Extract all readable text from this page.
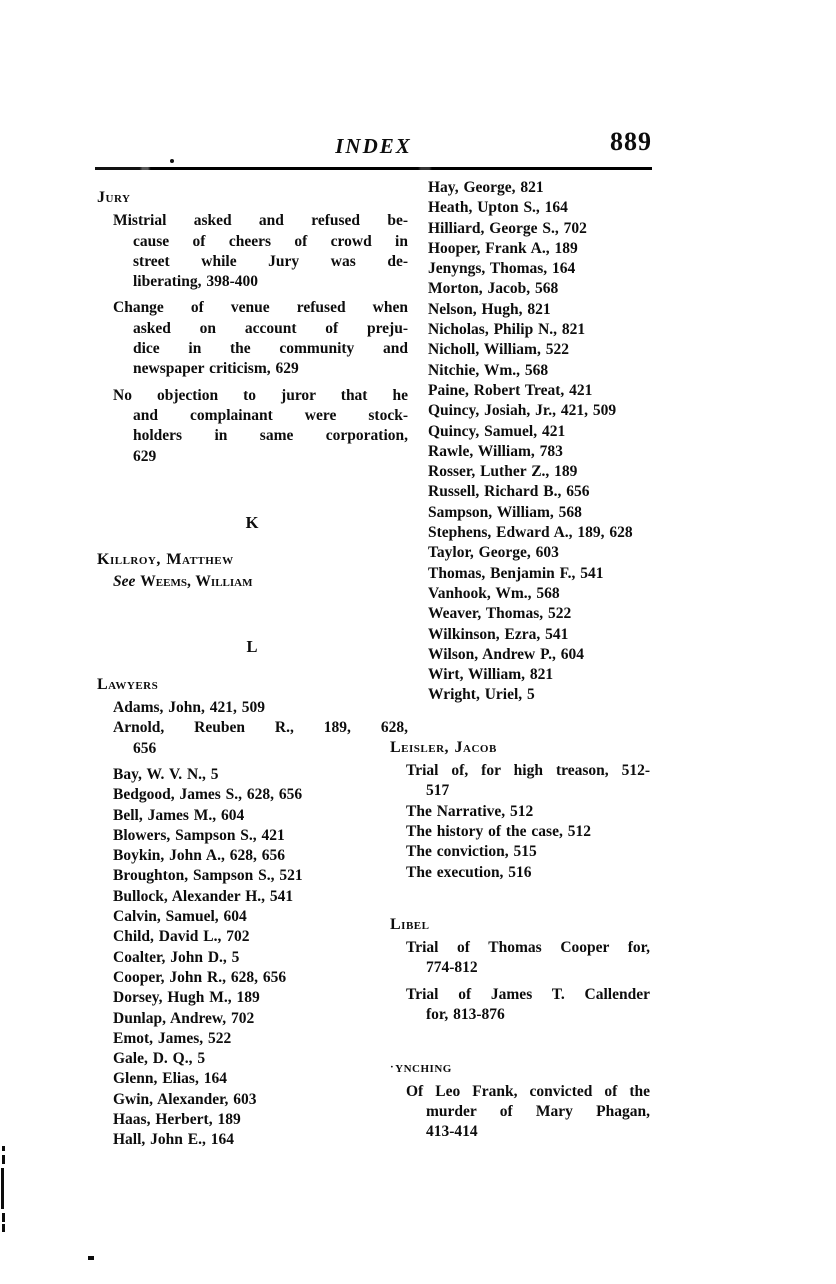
INDEX	889
Jury
Mistrial asked and refused be-
cause of cheers of crowd in
street while Jury was de-
liberating, 398-400
Change of venue refused when
asked on account of preju-
dice in the community and
newspaper criticism, 629
No objection to juror that he
and complainant were stock-
holders in same corporation,
629
K
Killroy, Matthew
See Weems, William
L
Lawyers
Adams, John, 421, 509
Arnold, Reuben R., 189, 628,
656
Bay, W. V. N., 5
Bedgood, James S., 628, 656
Bell, James M., 604
Blowers, Sampson S., 421
Boykin, John A., 628, 656
Broughton, Sampson S., 521
Bullock, Alexander H., 541
Calvin, Samuel, 604
Child, David L., 702
Coalter, John D., 5
Cooper, John R., 628, 656
Dorsey, Hugh M., 189
Dunlap, Andrew, 702
Emot, James, 522
Gale, D. Q., 5
Glenn, Elias, 164
Gwin, Alexander, 603
Haas, Herbert, 189
Hall, John E., 164
Hay, George, 821
Heath, Upton S., 164
Hilliard, George S., 702
Hooper, Frank A., 189
Jenyngs, Thomas, 164
Morton, Jacob, 568
Nelson, Hugh, 821
Nicholas, Philip N., 821
Nicholl, William, 522
Nitchie, Wm., 568
Paine, Robert Treat, 421
Quincy, Josiah, Jr., 421, 509
Quincy, Samuel, 421
Rawle, William, 783
Rosser, Luther Z., 189
Russell, Richard B., 656
Sampson, William, 568
Stephens, Edward A., 189, 628
Taylor, George, 603
Thomas, Benjamin F., 541
Vanhook, Wm., 568
Weaver, Thomas, 522
Wilkinson, Ezra, 541
Wilson, Andrew P., 604
Wirt, William, 821
Wright, Uriel, 5
Leisler, Jacob
Trial of, for high treason, 512-
517
The Narrative, 512
The history of the case, 512
The conviction, 515
The execution, 516
Libel
Trial of Thomas Cooper for,
774-812
Trial of James T. Callender
for, 813-876
·ynching
Of Leo Frank, convicted of the
murder of Mary Phagan,
413-414
